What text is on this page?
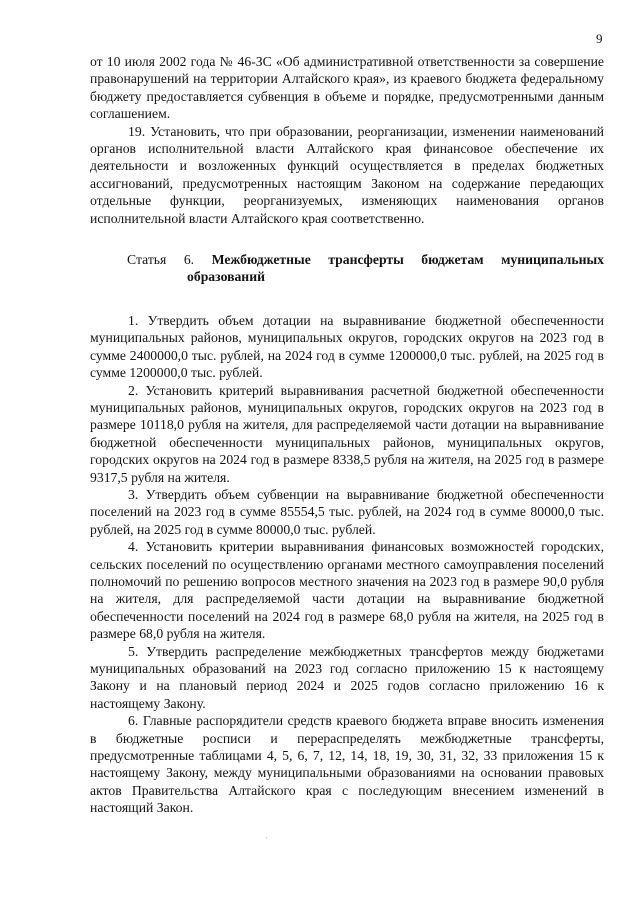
9

от 10 июля 2002 года № 46-ЗС «Об административной ответственности за совершение правонарушений на территории Алтайского края», из краевого бюджета федеральному бюджету предоставляется субвенция в объеме и порядке, предусмотренными данным соглашением.

19. Установить, что при образовании, реорганизации, изменении наименований органов исполнительной власти Алтайского края финансовое обеспечение их деятельности и возложенных функций осуществляется в пределах бюджетных ассигнований, предусмотренных настоящим Законом на содержание передающих отдельные функции, реорганизуемых, изменяющих наименования органов исполнительной власти Алтайского края соответственно.

Статья 6. Межбюджетные трансферты бюджетам муниципальных образований

1. Утвердить объем дотации на выравнивание бюджетной обеспеченности муниципальных районов, муниципальных округов, городских округов на 2023 год в сумме 2400000,0 тыс. рублей, на 2024 год в сумме 1200000,0 тыс. рублей, на 2025 год в сумме 1200000,0 тыс. рублей.

2. Установить критерий выравнивания расчетной бюджетной обеспеченности муниципальных районов, муниципальных округов, городских округов на 2023 год в размере 10118,0 рубля на жителя, для распределяемой части дотации на выравнивание бюджетной обеспеченности муниципальных районов, муниципальных округов, городских округов на 2024 год в размере 8338,5 рубля на жителя, на 2025 год в размере 9317,5 рубля на жителя.

3. Утвердить объем субвенции на выравнивание бюджетной обеспеченности поселений на 2023 год в сумме 85554,5 тыс. рублей, на 2024 год в сумме 80000,0 тыс. рублей, на 2025 год в сумме 80000,0 тыс. рублей.

4. Установить критерии выравнивания финансовых возможностей городских, сельских поселений по осуществлению органами местного самоуправления поселений полномочий по решению вопросов местного значения на 2023 год в размере 90,0 рубля на жителя, для распределяемой части дотации на выравнивание бюджетной обеспеченности поселений на 2024 год в размере 68,0 рубля на жителя, на 2025 год в размере 68,0 рубля на жителя.

5. Утвердить распределение межбюджетных трансфертов между бюджетами муниципальных образований на 2023 год согласно приложению 15 к настоящему Закону и на плановый период 2024 и 2025 годов согласно приложению 16 к настоящему Закону.

6. Главные распорядители средств краевого бюджета вправе вносить изменения в бюджетные росписи и перераспределять межбюджетные трансферты, предусмотренные таблицами 4, 5, 6, 7, 12, 14, 18, 19, 30, 31, 32, 33 приложения 15 к настоящему Закону, между муниципальными образованиями на основании правовых актов Правительства Алтайского края с последующим внесением изменений в настоящий Закон.

·
